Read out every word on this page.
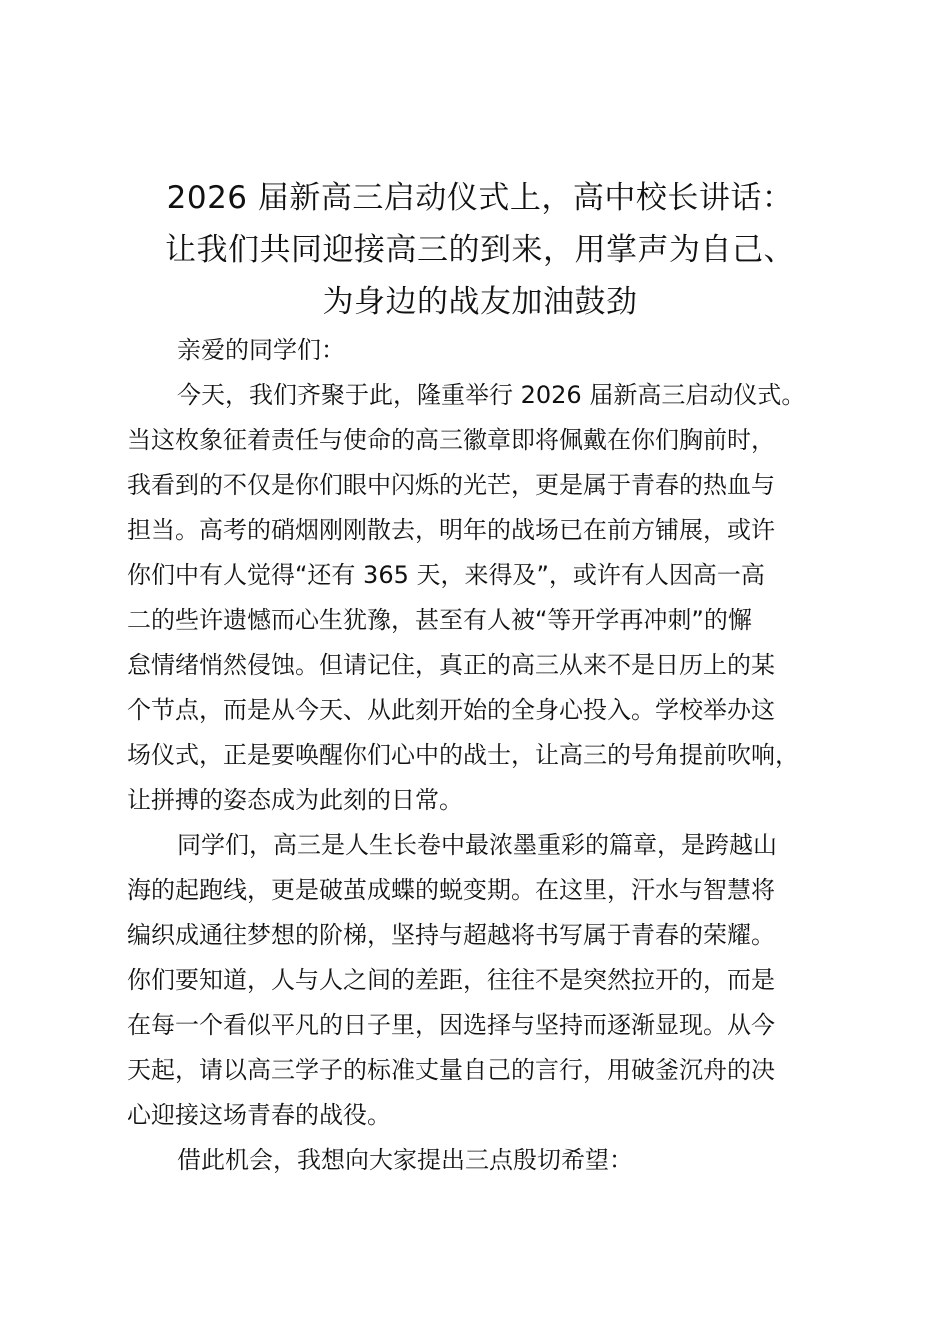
2026 届新高三启动仪式上，高中校长讲话：
让我们共同迎接高三的到来，用掌声为自己、
为身边的战友加油鼓劲
亲爱的同学们：
今天，我们齐聚于此，隆重举行 2026 届新高三启动仪式。
当这枚象征着责任与使命的高三徽章即将佩戴在你们胸前时，
我看到的不仅是你们眼中闪烁的光芒，更是属于青春的热血与
担当。高考的硝烟刚刚散去，明年的战场已在前方铺展，或许
你们中有人觉得“还有 365 天，来得及”，或许有人因高一高
二的些许遗憾而心生犹豫，甚至有人被“等开学再冲刺”的懈
怠情绪悄然侵蚀。但请记住，真正的高三从来不是日历上的某
个节点，而是从今天、从此刻开始的全身心投入。学校举办这
场仪式，正是要唤醒你们心中的战士，让高三的号角提前吹响，
让拼搏的姿态成为此刻的日常。
同学们，高三是人生长卷中最浓墨重彩的篇章，是跨越山
海的起跑线，更是破茧成蝶的蜕变期。在这里，汗水与智慧将
编织成通往梦想的阶梯，坚持与超越将书写属于青春的荣耀。
你们要知道，人与人之间的差距，往往不是突然拉开的，而是
在每一个看似平凡的日子里，因选择与坚持而逐渐显现。从今
天起，请以高三学子的标准丈量自己的言行，用破釜沉舟的决
心迎接这场青春的战役。
借此机会，我想向大家提出三点殷切希望：
